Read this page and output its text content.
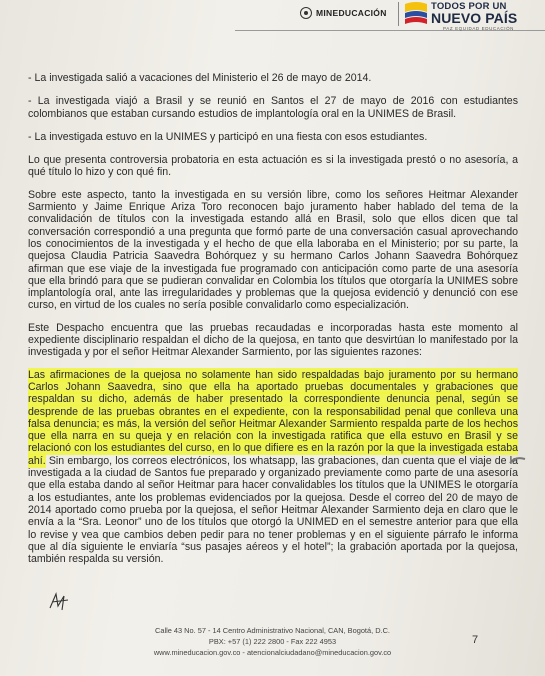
MINEDUCACIÓN
TODOS POR UN
NUEVO PAÍS
PAZ EQUIDAD EDUCACIÓN

- La investigada salió a vacaciones del Ministerio el 26 de mayo de 2014.

- La investigada viajó a Brasil y se reunió en Santos el 27 de mayo de 2016 con estudiantes colombianos que estaban cursando estudios de implantología oral en la UNIMES de Brasil.

- La investigada estuvo en la UNIMES y participó en una fiesta con esos estudiantes.

Lo que presenta controversia probatoria en esta actuación es si la investigada prestó o no asesoría, a qué título lo hizo y con qué fin.

Sobre este aspecto, tanto la investigada en su versión libre, como los señores Heitmar Alexander Sarmiento y Jaime Enrique Ariza Toro reconocen bajo juramento haber hablado del tema de la convalidación de títulos con la investigada estando allá en Brasil, solo que ellos dicen que tal conversación correspondió a una pregunta que formó parte de una conversación casual aprovechando los conocimientos de la investigada y el hecho de que ella laboraba en el Ministerio; por su parte, la quejosa Claudia Patricia Saavedra Bohórquez y su hermano Carlos Johann Saavedra Bohórquez afirman que ese viaje de la investigada fue programado con anticipación como parte de una asesoría que ella brindó para que se pudieran convalidar en Colombia los títulos que otorgaría la UNIMES sobre implantología oral, ante las irregularidades y problemas que la quejosa evidenció y denunció con ese curso, en virtud de los cuales no sería posible convalidarlo como especialización.

Este Despacho encuentra que las pruebas recaudadas e incorporadas hasta este momento al expediente disciplinario respaldan el dicho de la quejosa, en tanto que desvirtúan lo manifestado por la investigada y por el señor Heitmar Alexander Sarmiento, por las siguientes razones:

Las afirmaciones de la quejosa no solamente han sido respaldadas bajo juramento por su hermano Carlos Johann Saavedra, sino que ella ha aportado pruebas documentales y grabaciones que respaldan su dicho, además de haber presentado la correspondiente denuncia penal, según se desprende de las pruebas obrantes en el expediente, con la responsabilidad penal que conlleva una falsa denuncia; es más, la versión del señor Heitmar Alexander Sarmiento respalda parte de los hechos que ella narra en su queja y en relación con la investigada ratifica que ella estuvo en Brasil y se relacionó con los estudiantes del curso, en lo que difiere es en la razón por la que la investigada estaba ahí. Sin embargo, los correos electrónicos, los whatsapp, las grabaciones, dan cuenta que el viaje de la investigada a la ciudad de Santos fue preparado y organizado previamente como parte de una asesoría que ella estaba dando al señor Heitmar para hacer convalidables los títulos que la UNIMES le otorgaría a los estudiantes, ante los problemas evidenciados por la quejosa. Desde el correo del 20 de mayo de 2014 aportado como prueba por la quejosa, el señor Heitmar Alexander Sarmiento deja en claro que le envía a la “Sra. Leonor” uno de los títulos que otorgó la UNIMED en el semestre anterior para que ella lo revise y vea que cambios deben pedir para no tener problemas y en el siguiente párrafo le informa que al día siguiente le enviaría “sus pasajes aéreos y el hotel”; la grabación aportada por la quejosa, también respalda su versión.

Calle 43 No. 57 - 14 Centro Administrativo Nacional, CAN, Bogotá, D.C.
PBX: +57 (1) 222 2800 - Fax 222 4953
www.mineducacion.gov.co - atencionalciudadano@mineducacion.gov.co
7
